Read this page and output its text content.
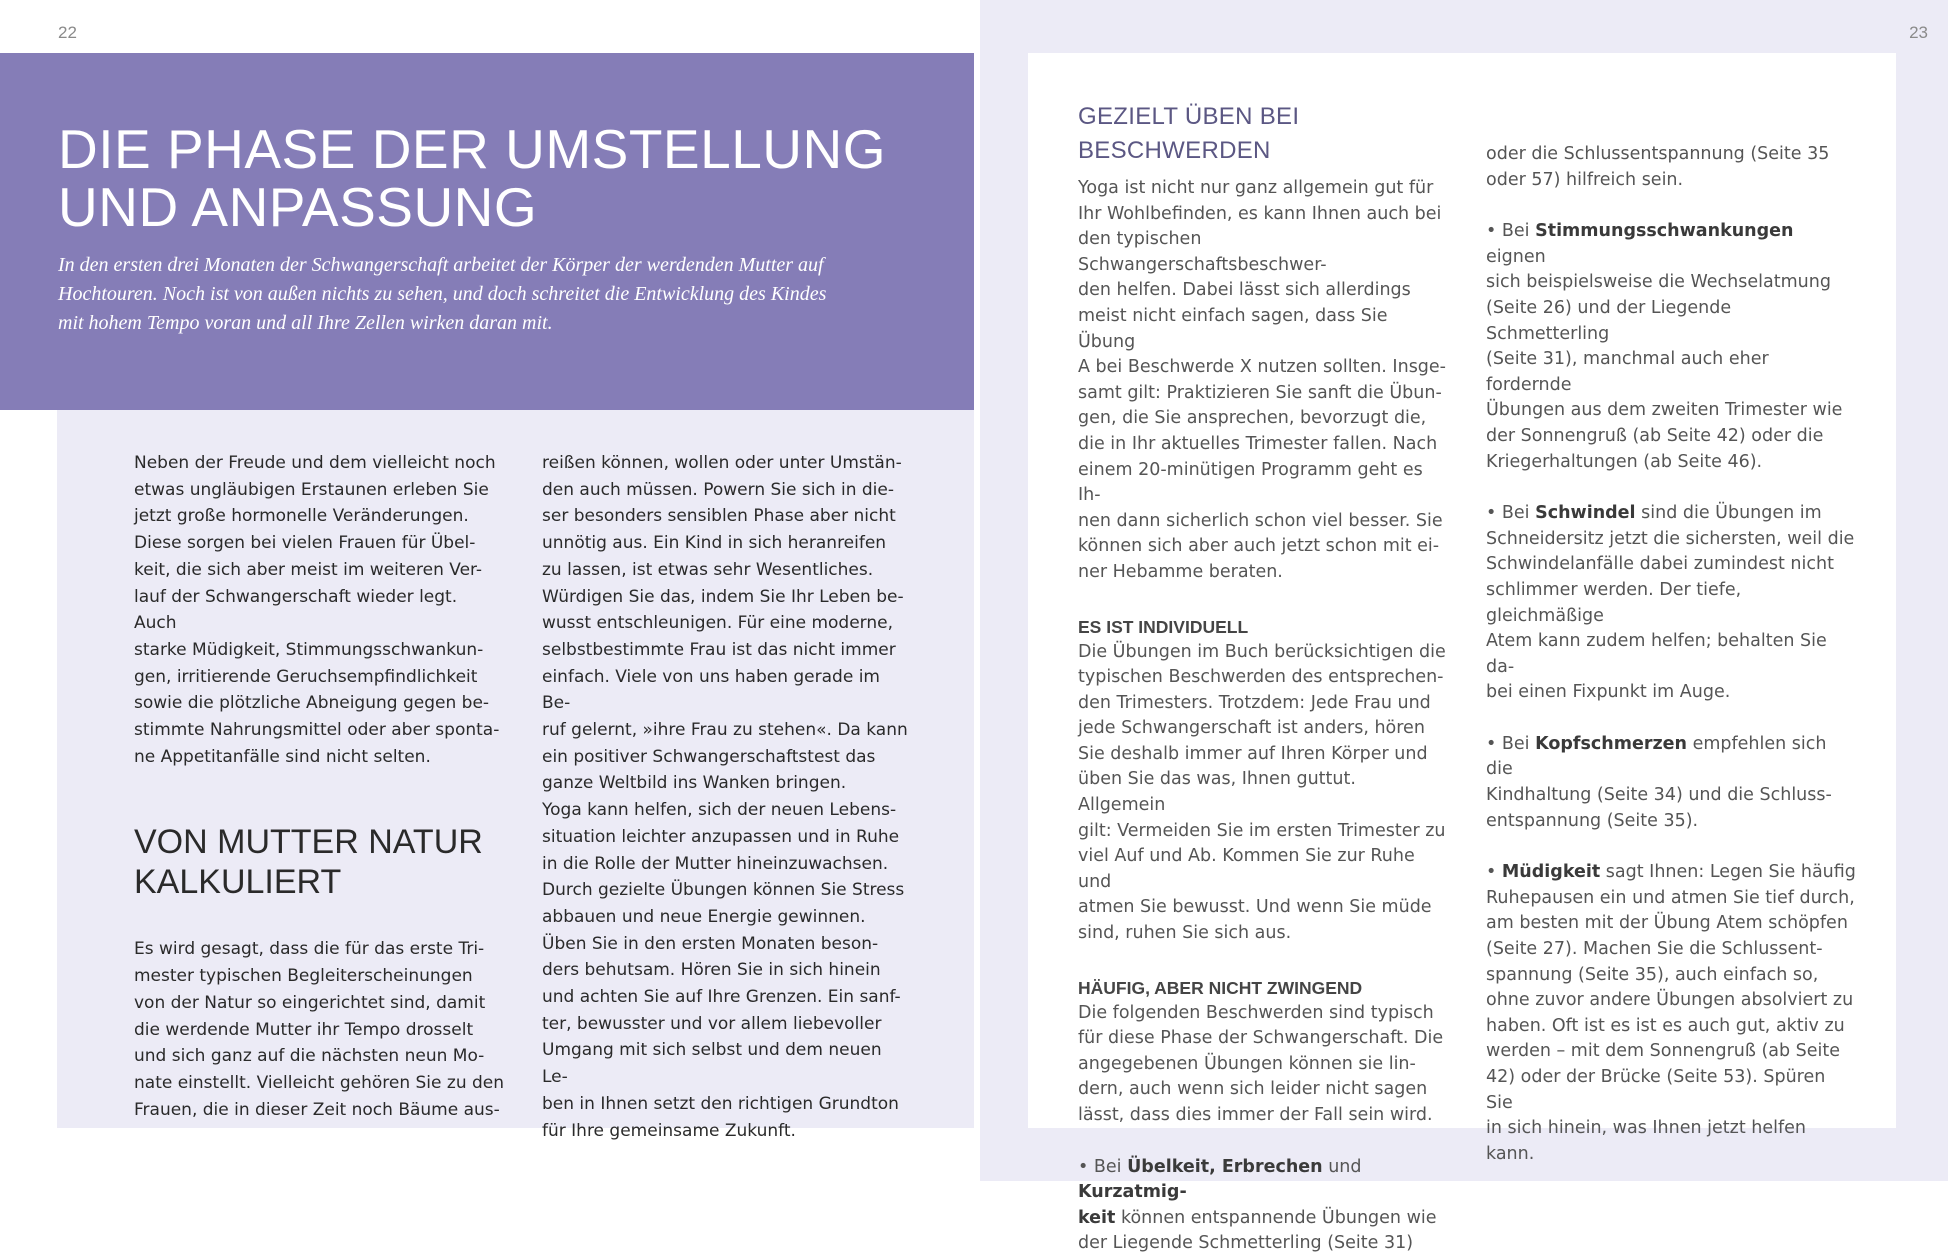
22	23
DIE PHASE DER UMSTELLUNG
UND ANPASSUNG

In den ersten drei Monaten der Schwangerschaft arbeitet der Körper der werdenden Mutter auf
Hochtouren. Noch ist von außen nichts zu sehen, und doch schreitet die Entwicklung des Kindes
mit hohem Tempo voran und all Ihre Zellen wirken daran mit.

Neben der Freude und dem vielleicht noch
etwas ungläubigen Erstaunen erleben Sie
jetzt große hormonelle Veränderungen.
Diese sorgen bei vielen Frauen für Übel-
keit, die sich aber meist im weiteren Ver-
lauf der Schwangerschaft wieder legt. Auch
starke Müdigkeit, Stimmungsschwankun-
gen, irritierende Geruchsempfindlichkeit
sowie die plötzliche Abneigung gegen be-
stimmte Nahrungsmittel oder aber sponta-
ne Appetitanfälle sind nicht selten.

VON MUTTER NATUR
KALKULIERT

Es wird gesagt, dass die für das erste Tri-
mester typischen Begleiterscheinungen
von der Natur so eingerichtet sind, damit
die werdende Mutter ihr Tempo drosselt
und sich ganz auf die nächsten neun Mo-
nate einstellt. Vielleicht gehören Sie zu den
Frauen, die in dieser Zeit noch Bäume aus-

reißen können, wollen oder unter Umstän-
den auch müssen. Powern Sie sich in die-
ser besonders sensiblen Phase aber nicht
unnötig aus. Ein Kind in sich heranreifen
zu lassen, ist etwas sehr Wesentliches.
Würdigen Sie das, indem Sie Ihr Leben be-
wusst entschleunigen. Für eine moderne,
selbstbestimmte Frau ist das nicht immer
einfach. Viele von uns haben gerade im Be-
ruf gelernt, »ihre Frau zu stehen«. Da kann
ein positiver Schwangerschaftstest das
ganze Weltbild ins Wanken bringen.
Yoga kann helfen, sich der neuen Lebens-
situation leichter anzupassen und in Ruhe
in die Rolle der Mutter hineinzuwachsen.
Durch gezielte Übungen können Sie Stress
abbauen und neue Energie gewinnen.
Üben Sie in den ersten Monaten beson-
ders behutsam. Hören Sie in sich hinein
und achten Sie auf Ihre Grenzen. Ein sanf-
ter, bewusster und vor allem liebevoller
Umgang mit sich selbst und dem neuen Le-
ben in Ihnen setzt den richtigen Grundton
für Ihre gemeinsame Zukunft.

GEZIELT ÜBEN BEI BESCHWERDEN

Yoga ist nicht nur ganz allgemein gut für
Ihr Wohlbefinden, es kann Ihnen auch bei
den typischen Schwangerschaftsbeschwer-
den helfen. Dabei lässt sich allerdings
meist nicht einfach sagen, dass Sie Übung
A bei Beschwerde X nutzen sollten. Insge-
samt gilt: Praktizieren Sie sanft die Übun-
gen, die Sie ansprechen, bevorzugt die,
die in Ihr aktuelles Trimester fallen. Nach
einem 20-minütigen Programm geht es Ih-
nen dann sicherlich schon viel besser. Sie
können sich aber auch jetzt schon mit ei-
ner Hebamme beraten.

ES IST INDIVIDUELL

Die Übungen im Buch berücksichtigen die
typischen Beschwerden des entsprechen-
den Trimesters. Trotzdem: Jede Frau und
jede Schwangerschaft ist anders, hören
Sie deshalb immer auf Ihren Körper und
üben Sie das was, Ihnen guttut. Allgemein
gilt: Vermeiden Sie im ersten Trimester zu
viel Auf und Ab. Kommen Sie zur Ruhe und
atmen Sie bewusst. Und wenn Sie müde
sind, ruhen Sie sich aus.

HÄUFIG, ABER NICHT ZWINGEND

Die folgenden Beschwerden sind typisch
für diese Phase der Schwangerschaft. Die
angegebenen Übungen können sie lin-
dern, auch wenn sich leider nicht sagen
lässt, dass dies immer der Fall sein wird.

• Bei Übelkeit, Erbrechen und Kurzatmig-
keit können entspannende Übungen wie
der Liegende Schmetterling (Seite 31)

oder die Schlussentspannung (Seite 35
oder 57) hilfreich sein.

• Bei Stimmungsschwankungen eignen
sich beispielsweise die Wechselatmung
(Seite 26) und der Liegende Schmetterling
(Seite 31), manchmal auch eher fordernde
Übungen aus dem zweiten Trimester wie
der Sonnengruß (ab Seite 42) oder die
Kriegerhaltungen (ab Seite 46).

• Bei Schwindel sind die Übungen im
Schneidersitz jetzt die sichersten, weil die
Schwindelanfälle dabei zumindest nicht
schlimmer werden. Der tiefe, gleichmäßige
Atem kann zudem helfen; behalten Sie da-
bei einen Fixpunkt im Auge.

• Bei Kopfschmerzen empfehlen sich die
Kindhaltung (Seite 34) und die Schluss-
entspannung (Seite 35).

• Müdigkeit sagt Ihnen: Legen Sie häufig
Ruhepausen ein und atmen Sie tief durch,
am besten mit der Übung Atem schöpfen
(Seite 27). Machen Sie die Schlussent-
spannung (Seite 35), auch einfach so,
ohne zuvor andere Übungen absolviert zu
haben. Oft ist es ist es auch gut, aktiv zu
werden – mit dem Sonnengruß (ab Seite
42) oder der Brücke (Seite 53). Spüren Sie
in sich hinein, was Ihnen jetzt helfen kann.
